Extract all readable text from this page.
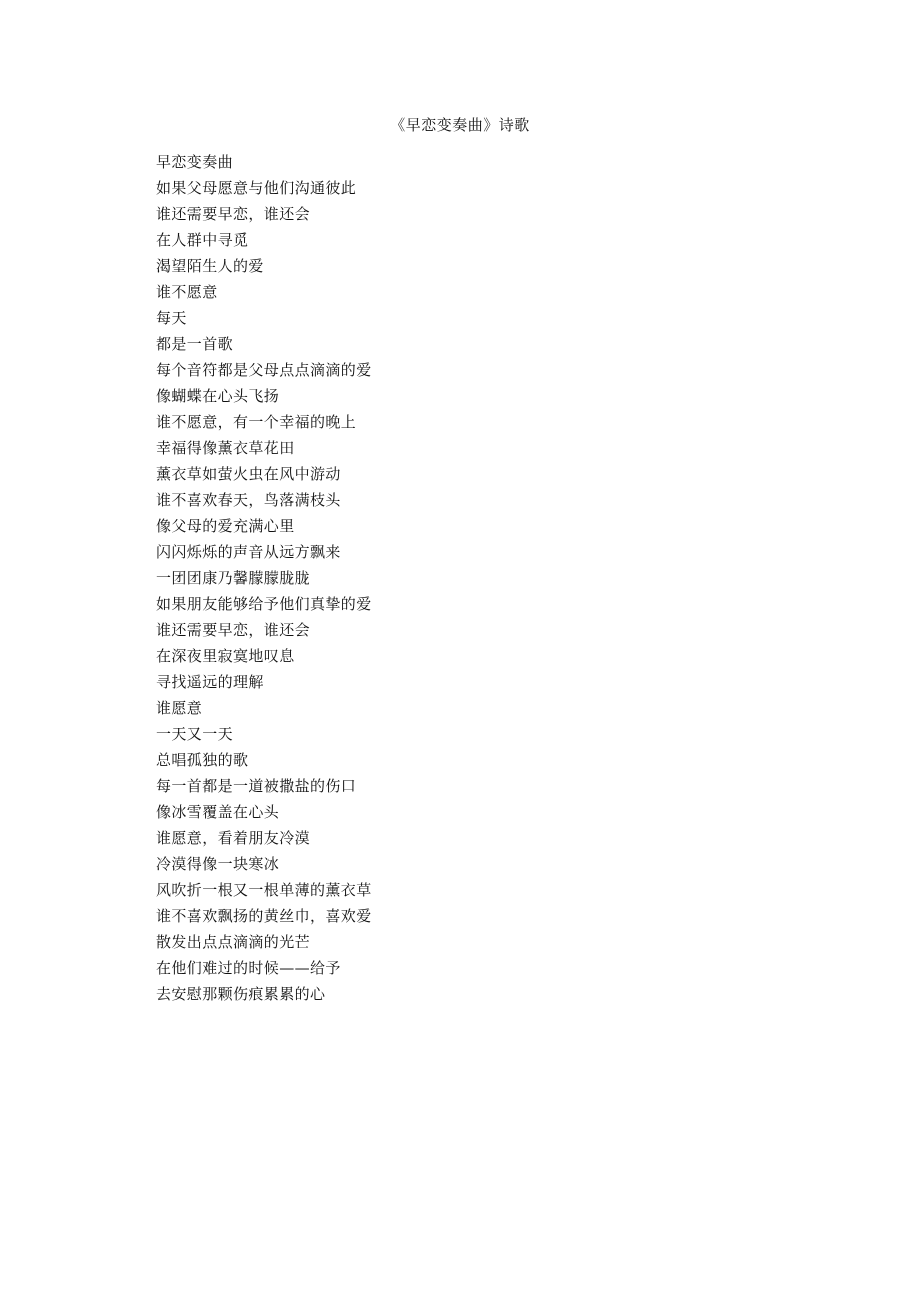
《早恋变奏曲》诗歌
早恋变奏曲
如果父母愿意与他们沟通彼此
谁还需要早恋，谁还会
在人群中寻觅
渴望陌生人的爱
谁不愿意
每天
都是一首歌
每个音符都是父母点点滴滴的爱
像蝴蝶在心头飞扬
谁不愿意，有一个幸福的晚上
幸福得像薰衣草花田
薰衣草如萤火虫在风中游动
谁不喜欢春天，鸟落满枝头
像父母的爱充满心里
闪闪烁烁的声音从远方飘来
一团团康乃馨朦朦胧胧
如果朋友能够给予他们真挚的爱
谁还需要早恋，谁还会
在深夜里寂寞地叹息
寻找遥远的理解
谁愿意
一天又一天
总唱孤独的歌
每一首都是一道被撒盐的伤口
像冰雪覆盖在心头
谁愿意，看着朋友冷漠
冷漠得像一块寒冰
风吹折一根又一根单薄的薰衣草
谁不喜欢飘扬的黄丝巾，喜欢爱
散发出点点滴滴的光芒
在他们难过的时候——给予
去安慰那颗伤痕累累的心
